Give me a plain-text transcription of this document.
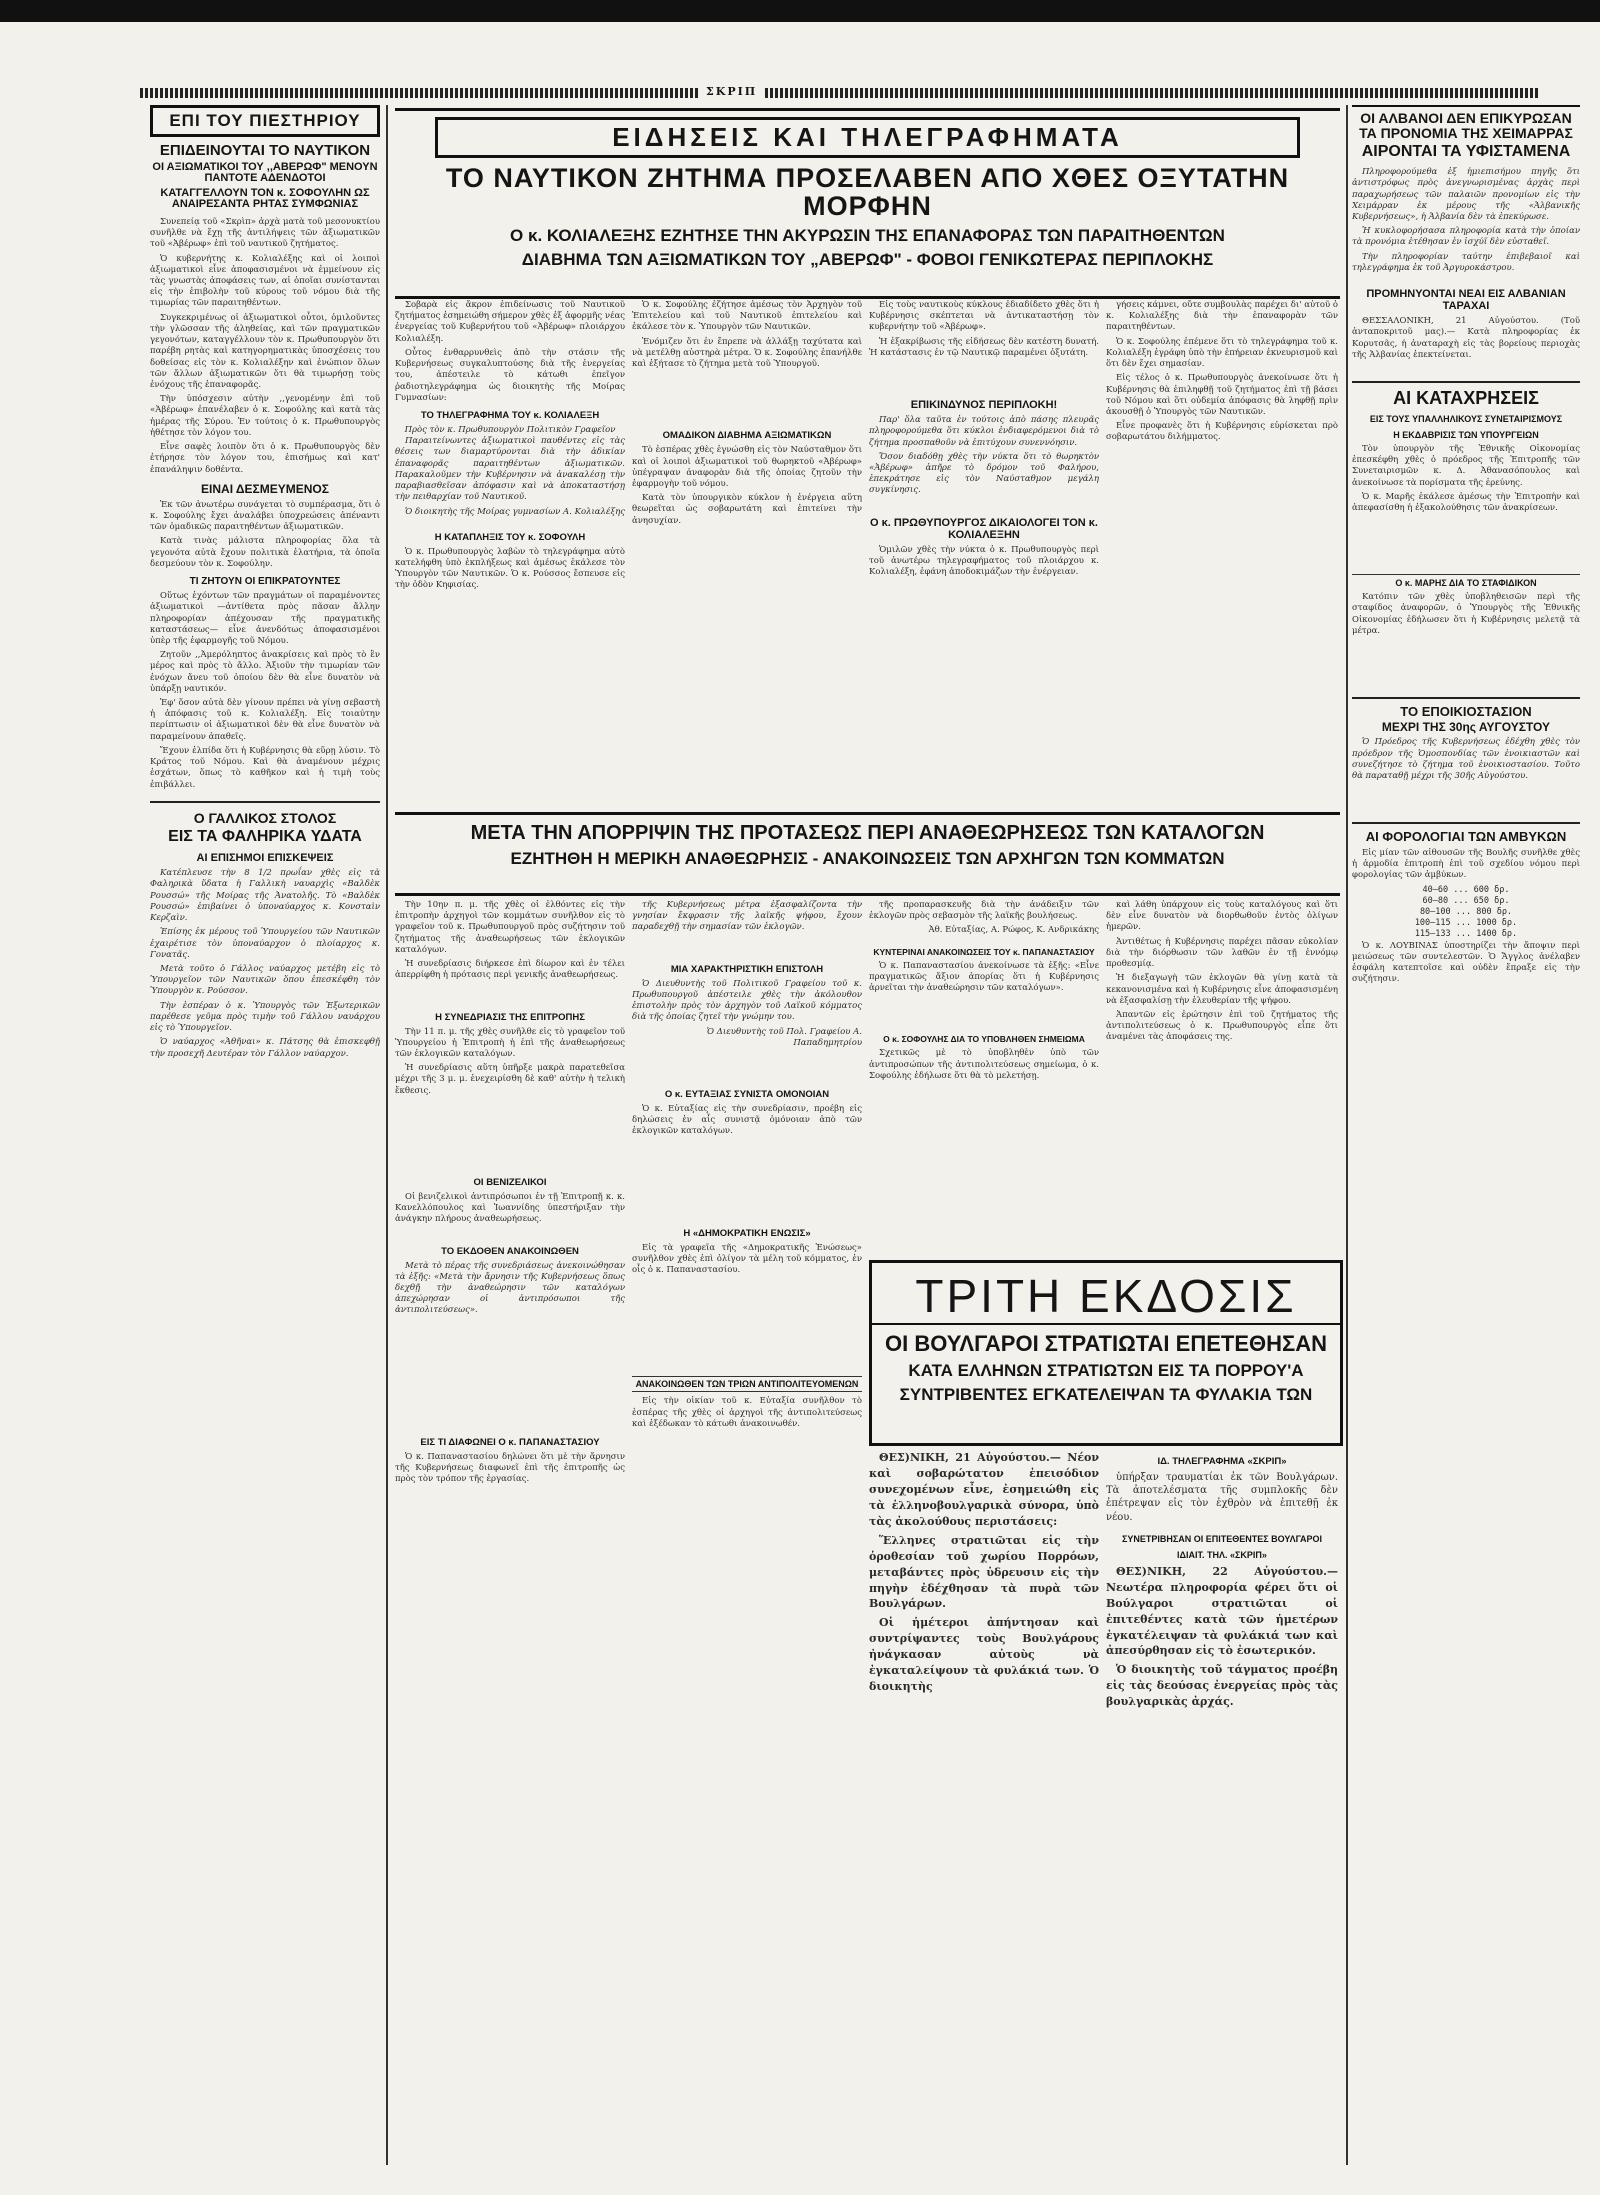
ΣΚΡΙΠ
ΕΠΙ ΤΟΥ ΠΙΕΣΤΗΡΙΟΥ
ΕΠΙΔΕΙΝΟΥΤΑΙ ΤΟ ΝΑΥΤΙΚΟΝ
ΟΙ ΑΞΙΩΜΑΤΙΚΟΙ ΤΟΥ ,,ΑΒΕΡΩΦ" ΜΕΝΟΥΝ ΠΑΝΤΟΤΕ ΑΔΕΝΔΟΤΟΙ
ΚΑΤΑΓΓΕΛΛΟΥΝ ΤΟΝ κ. ΣΟΦΟΥΛΗΝ ΩΣ ΑΝΑΙΡΕΣΑΝΤΑ ΡΗΤΑΣ ΣΥΜΦΩΝΙΑΣ

Συνεπείᾳ τοῦ «Σκρὶπ» ἀρχὰ ματὰ τοῦ μεσονυκτίου συνῆλθε νὰ ἔχῃ τῆς ἀντιλήψεις τῶν ἀξιωματικῶν τοῦ «Ἀβέρωφ» ἐπὶ τοῦ ναυτικοῦ ζητήματος.

Ὁ κυβερνήτης κ. Κολιαλέξης καὶ οἱ λοιποὶ ἀξιωματικοὶ εἶνε ἀποφασισμένοι νὰ ἐμμείνουν εἰς τὰς γνωστὰς ἀποφάσεις των, αἱ ὁποῖαι συνίστανται εἰς τὴν ἐπιβολὴν τοῦ κύρους τοῦ νόμου διὰ τῆς τιμωρίας τῶν παραιτηθέντων.

Συγκεκριμένως οἱ ἀξιωματικοὶ οὗτοι, ὁμιλοῦντες τὴν γλῶσσαν τῆς ἀληθείας, καὶ τῶν πραγματικῶν γεγονότων, καταγγέλλουν τὸν κ. Πρωθυπουργὸν ὅτι παρέβη ρητὰς καὶ κατηγορηματικὰς ὑποσχέσεις του δοθείσας εἰς τὸν κ. Κολιαλέξην καὶ ἐνώπιον ὅλων τῶν ἄλλων ἀξιωματικῶν ὅτι θὰ τιμωρήσῃ τοὺς ἐνόχους τῆς ἐπαναφορᾶς.

Τὴν ὑπόσχεσιν αὐτὴν ,,γενομένην ἐπὶ τοῦ «Ἀβέρωφ» ἐπανέλαβεν ὁ κ. Σοφούλης καὶ κατὰ τὰς ἡμέρας τῆς Σύρου. Ἐν τούτοις ὁ κ. Πρωθυπουργὸς ἠθέτησε τὸν λόγον του.

Εἶνε σαφὲς λοιπὸν ὅτι ὁ κ. Πρωθυπουργὸς δὲν ἐτήρησε τὸν λόγον του, ἐπισήμως καὶ κατ' ἐπανάληψιν δοθέντα.

ΕΙΝΑΙ ΔΕΣΜΕΥΜΕΝΟΣ

Ἐκ τῶν ἀνωτέρω συνάγεται τὸ συμπέρασμα, ὅτι ὁ κ. Σοφούλης ἔχει ἀναλάβει ὑποχρεώσεις ἀπέναντι τῶν ὀμαδικῶς παραιτηθέντων ἀξιωματικῶν.

Κατὰ τινὰς μάλιστα πληροφορίας ὅλα τὰ γεγονότα αὐτὰ ἔχουν πολιτικὰ ἐλατήρια, τὰ ὁποῖα δεσμεύουν τὸν κ. Σοφούλην.

ΤΙ ΖΗΤΟΥΝ ΟΙ ΕΠΙΚΡΑΤΟΥΝΤΕΣ

Οὕτως ἐχόντων τῶν πραγμάτων οἱ παραμένοντες ἀξιωματικοὶ —ἀντίθετα πρὸς πᾶσαν ἄλλην πληροφορίαν ἀπέχουσαν τῆς πραγματικῆς καταστάσεως— εἶνε ἀνενδότως ἀποφασισμένοι ὑπὲρ τῆς ἐφαρμογῆς τοῦ Νόμου.

Ζητοῦν ,,Ἀμερόληπτος ἀνακρίσεις καὶ πρὸς τὸ ἓν μέρος καὶ πρὸς τὸ ἄλλο. Ἀξιοῦν τὴν τιμωρίαν τῶν ἐνόχων ἄνευ τοῦ ὁποίου δὲν θὰ εἶνε δυνατὸν νὰ ὑπάρξῃ ναυτικόν.

Ἐφ' ὅσον αὐτὰ δὲν γίνουν πρέπει νὰ γίνῃ σεβαστὴ ἡ ἀπόφασις τοῦ κ. Κολιαλέξη. Εἰς τοιαύτην περίπτωσιν οἱ ἀξιωματικοὶ δὲν θὰ εἶνε δυνατὸν νὰ παραμείνουν ἀπαθεῖς.

Ἔχουν ἐλπίδα ὅτι ἡ Κυβέρνησις θὰ εὕρῃ λύσιν. Τὸ Κράτος τοῦ Νόμου. Καὶ θὰ ἀναμένουν μέχρις ἐσχάτων, ὅπως τὸ καθῆκον καὶ ἡ τιμὴ τοὺς ἐπιβάλλει.

Ο ΓΑΛΛΙΚΟΣ ΣΤΟΛΟΣ
ΕΙΣ ΤΑ ΦΑΛΗΡΙΚΑ ΥΔΑΤΑ
ΑΙ ΕΠΙΣΗΜΟΙ ΕΠΙΣΚΕΨΕΙΣ

Κατέπλευσε τὴν 8 1/2 πρωΐαν χθὲς εἰς τὰ Φαληρικὰ ὕδατα ἡ Γαλλικὴ ναυαρχὶς «Βαλδὲκ Ρουσσώ» τῆς Μοίρας τῆς Ἀνατολῆς. Τὸ «Βαλδὲκ Ρουσσώ» ἐπιβαίνει ὁ ὑποναύαρχος κ. Κονσταὶν Κερζαὶν.

Ἐπίσης ἐκ μέρους τοῦ Ὑπουργείου τῶν Ναυτικῶν ἐχαιρέτισε τὸν ὑποναύαρχον ὁ πλοίαρχος κ. Γονατᾶς.

Μετὰ τοῦτο ὁ Γάλλος ναύαρχος μετέβη εἰς τὸ Ὑπουργεῖον τῶν Ναυτικῶν ὅπου ἐπεσκέφθη τὸν Ὑπουργὸν κ. Ρούσσον.

Τὴν ἑσπέραν ὁ κ. Ὑπουργὸς τῶν Ἐξωτερικῶν παρέθεσε γεῦμα πρὸς τιμὴν τοῦ Γάλλου ναυάρχου εἰς τὸ Ὑπουργεῖον.

Ὁ ναύαρχος «Ἀθῆναι» κ. Πάτσης θὰ ἐπισκεφθῇ τὴν προσεχῆ Δευτέραν τὸν Γάλλον ναύαρχον.

ΕΙΔΗΣΕΙΣ ΚΑΙ ΤΗΛΕΓΡΑΦΗΜΑΤΑ
ΤΟ ΝΑΥΤΙΚΟΝ ΖΗΤΗΜΑ ΠΡΟΣΕΛΑΒΕΝ ΑΠΟ ΧΘΕΣ ΟΞΥΤΑΤΗΝ ΜΟΡΦΗΝ
Ο κ. ΚΟΛΙΑΛΕΞΗΣ ΕΖΗΤΗΣΕ ΤΗΝ ΑΚΥΡΩΣΙΝ ΤΗΣ ΕΠΑΝΑΦΟΡΑΣ ΤΩΝ ΠΑΡΑΙΤΗΘΕΝΤΩΝ
ΔΙΑΒΗΜΑ ΤΩΝ ΑΞΙΩΜΑΤΙΚΩΝ ΤΟΥ „ΑΒΕΡΩΦ" - ΦΟΒΟΙ ΓΕΝΙΚΩΤΕΡΑΣ ΠΕΡΙΠΛΟΚΗΣ

Σοβαρὰ εἰς ἄκρον ἐπιδείνωσις τοῦ Ναυτικοῦ ζητήματος ἐσημειώθη σήμερον χθὲς ἐξ ἀφορμῆς νέας ἐνεργείας τοῦ Κυβερνήτου τοῦ «Ἀβέρωφ» πλοιάρχου Κολιαλέξη.

Οὗτος ἐνθαρρυνθεὶς ἀπὸ τὴν στάσιν τῆς Κυβερνήσεως συγκαλυπτούσης διὰ τῆς ἐνεργείας του, ἀπέστειλε τὸ κάτωθι ἐπεῖγον ῥαδιοτηλεγράφημα ὡς διοικητὴς τῆς Μοίρας Γυμνασίων:

ΤΟ ΤΗΛΕΓΡΑΦΗΜΑ ΤΟΥ κ. ΚΟΛΙΑΛΕΞΗ
Πρὸς τὸν κ. Πρωθυπουργὸν Πολιτικὸν Γραφεῖον

Παραιτείνωντες ἀξιωματικοὶ παυθέντες εἰς τὰς θέσεις των διαμαρτύρονται διὰ τὴν ἀδικίαν ἐπαναφορᾶς παραιτηθέντων ἀξιωματικῶν. Παρακαλοῦμεν τὴν Κυβέρνησιν νὰ ἀνακαλέσῃ τὴν παραβιασθεῖσαν ἀπόφασιν καὶ νὰ ἀποκαταστήσῃ τὴν πειθαρχίαν τοῦ Ναυτικοῦ.

Ὁ διοικητὴς τῆς Μοίρας γυμνασίων Α. Κολιαλέξης

Η ΚΑΤΑΠΛΗΞΙΣ ΤΟΥ κ. ΣΟΦΟΥΛΗ

Ὁ κ. Πρωθυπουργὸς λαβὼν τὸ τηλεγράφημα αὐτὸ κατελήφθη ὑπὸ ἐκπλήξεως καὶ ἀμέσως ἐκάλεσε τὸν Ὑπουργὸν τῶν Ναυτικῶν. Ὁ κ. Ρούσσος ἔσπευσε εἰς τὴν ὁδὸν Κηφισίας.

Ὁ κ. Σοφούλης ἐζήτησε ἀμέσως τὸν Ἀρχηγὸν τοῦ Ἐπιτελείου καὶ τοῦ Ναυτικοῦ ἐπιτελείου καὶ ἐκάλεσε τὸν κ. Ὑπουργὸν τῶν Ναυτικῶν.

Ἐνόμιζεν ὅτι ἐν ἔπρεπε νὰ ἀλλάξῃ ταχύτατα καὶ νὰ μετέλθῃ αὐστηρὰ μέτρα. Ὁ κ. Σοφούλης ἐπανήλθε καὶ ἐξήτασε τὸ ζήτημα μετὰ τοῦ Ὑπουργοῦ.

ΟΜΑΔΙΚΟΝ ΔΙΑΒΗΜΑ ΑΞΙΩΜΑΤΙΚΩΝ

Τὸ ἑσπέρας χθὲς ἐγνώσθη εἰς τὸν Ναύσταθμον ὅτι καὶ οἱ λοιποὶ ἀξιωματικοὶ τοῦ θωρηκτοῦ «Ἀβέρωφ» ὑπέγραψαν ἀναφορὰν διὰ τῆς ὁποίας ζητοῦν τὴν ἐφαρμογὴν τοῦ νόμου.

Κατὰ τὸν ὑπουργικὸν κύκλον ἡ ἐνέργεια αὕτη θεωρεῖται ὡς σοβαρωτάτη καὶ ἐπιτείνει τὴν ἀνησυχίαν.

Εἰς τοὺς ναυτικοὺς κύκλους ἐδιαδίδετο χθὲς ὅτι ἡ Κυβέρνησις σκέπτεται νὰ ἀντικαταστήσῃ τὸν κυβερνήτην τοῦ «Ἀβέρωφ».

Ἡ ἐξακρίβωσις τῆς εἰδήσεως δὲν κατέστη δυνατή. Ἡ κατάστασις ἐν τῷ Ναυτικῷ παραμένει ὀξυτάτη.

ΕΠΙΚΙΝΔΥΝΟΣ ΠΕΡΙΠΛΟΚΗ!

Παρ' ὅλα ταῦτα ἐν τούτοις ἀπὸ πάσης πλευρᾶς πληροφορούμεθα ὅτι κύκλοι ἐνδιαφερόμενοι διὰ τὸ ζήτημα προσπαθοῦν νὰ ἐπιτύχουν συνεννόησιν.

Ὅσον διαδόθῃ χθὲς τὴν νύκτα ὅτι τὸ θωρηκτὸν «Ἀβέρωφ» ἀπῆρε τὸ δρόμον τοῦ Φαλήρου, ἐπεκράτησε εἰς τὸν Ναύσταθμον μεγάλη συγκίνησις.

Ο κ. ΠΡΩΘΥΠΟΥΡΓΟΣ ΔΙΚΑΙΟΛΟΓΕΙ ΤΟΝ κ. ΚΟΛΙΑΛΕΞΗΝ

Ὁμιλῶν χθὲς τὴν νύκτα ὁ κ. Πρωθυπουργὸς περὶ τοῦ ἀνωτέρω τηλεγραφήματος τοῦ πλοιάρχου κ. Κολιαλέξη, ἐφάνη ἀποδοκιμάζων τὴν ἐνέργειαν.

γήσεις κάμνει, οὔτε συμβουλὰς παρέχει δι' αὐτοῦ ὁ κ. Κολιαλέξης διὰ τὴν ἐπαναφορὰν τῶν παραιτηθέντων.

Ὁ κ. Σοφούλης ἐπέμενε ὅτι τὸ τηλεγράφημα τοῦ κ. Κολιαλέξη ἐγράφη ὑπὸ τὴν ἐπήρειαν ἐκνευρισμοῦ καὶ ὅτι δὲν ἔχει σημασίαν.

Εἰς τέλος ὁ κ. Πρωθυπουργὸς ἀνεκοίνωσε ὅτι ἡ Κυβέρνησις θὰ ἐπιληφθῇ τοῦ ζητήματος ἐπὶ τῇ βάσει τοῦ Νόμου καὶ ὅτι οὐδεμία ἀπόφασις θὰ ληφθῇ πρὶν ἀκουσθῇ ὁ Ὑπουργὸς τῶν Ναυτικῶν.

Εἶνε προφανὲς ὅτι ἡ Κυβέρνησις εὑρίσκεται πρὸ σοβαρωτάτου διλήμματος.

ΜΕΤΑ ΤΗΝ ΑΠΟΡΡΙΨΙΝ ΤΗΣ ΠΡΟΤΑΣΕΩΣ ΠΕΡΙ ΑΝΑΘΕΩΡΗΣΕΩΣ ΤΩΝ ΚΑΤΑΛΟΓΩΝ
ΕΖΗΤΗΘΗ Η ΜΕΡΙΚΗ ΑΝΑΘΕΩΡΗΣΙΣ - ΑΝΑΚΟΙΝΩΣΕΙΣ ΤΩΝ ΑΡΧΗΓΩΝ ΤΩΝ ΚΟΜΜΑΤΩΝ

Τὴν 10ην π. μ. τῆς χθὲς οἱ ἐλθόντες εἰς τὴν ἐπιτροπὴν ἀρχηγοὶ τῶν κομμάτων συνῆλθον εἰς τὸ γραφεῖον τοῦ κ. Πρωθυπουργοῦ πρὸς συζήτησιν τοῦ ζητήματος τῆς ἀναθεωρήσεως τῶν ἐκλογικῶν καταλόγων.

Ἡ συνεδρίασις διήρκεσε ἐπὶ δίωρον καὶ ἐν τέλει ἀπερρίφθη ἡ πρότασις περὶ γενικῆς ἀναθεωρήσεως.

Η ΣΥΝΕΔΡΙΑΣΙΣ ΤΗΣ ΕΠΙΤΡΟΠΗΣ

Τὴν 11 π. μ. τῆς χθὲς συνῆλθε εἰς τὸ γραφεῖον τοῦ Ὑπουργείου ἡ Ἐπιτροπὴ ἡ ἐπὶ τῆς ἀναθεωρήσεως τῶν ἐκλογικῶν καταλόγων.

Ἡ συνεδρίασις αὕτη ὑπῆρξε μακρὰ παρατεθεῖσα μέχρι τῆς 3 μ. μ. ἐνεχειρίσθη δὲ καθ' αὐτὴν ἡ τελικὴ ἔκθεσις.

ΟΙ ΒΕΝΙΖΕΛΙΚΟΙ

Οἱ βενιζελικοὶ ἀντιπρόσωποι ἐν τῇ Ἐπιτροπῇ κ. κ. Κανελλόπουλος καὶ Ἰωαννίδης ὑπεστήριξαν τὴν ἀνάγκην πλήρους ἀναθεωρήσεως.

ΤΟ ΕΚΔΟΘΕΝ ΑΝΑΚΟΙΝΩΘΕΝ

Μετὰ τὸ πέρας τῆς συνεδριάσεως ἀνεκοινώθησαν τὰ ἑξῆς: «Μετὰ τὴν ἄρνησιν τῆς Κυβερνήσεως ὅπως δεχθῇ τὴν ἀναθεώρησιν τῶν καταλόγων ἀπεχώρησαν οἱ ἀντιπρόσωποι τῆς ἀντιπολιτεύσεως».

ΕΙΣ ΤΙ ΔΙΑΦΩΝΕΙ Ο κ. ΠΑΠΑΝΑΣΤΑΣΙΟΥ

Ὁ κ. Παπαναστασίου δηλώνει ὅτι μὲ τὴν ἄρνησιν τῆς Κυβερνήσεως διαφωνεῖ ἐπὶ τῆς ἐπιτροπῆς ὡς πρὸς τὸν τρόπον τῆς ἐργασίας.

τῆς Κυβερνήσεως μέτρα ἐξασφαλίζοντα τὴν γνησίαν ἔκφρασιν τῆς λαϊκῆς ψήφου, ἔχουν παραδεχθῇ τὴν σημασίαν τῶν ἐκλογῶν.

ΜΙΑ ΧΑΡΑΚΤΗΡΙΣΤΙΚΗ ΕΠΙΣΤΟΛΗ

Ὁ Διευθυντὴς τοῦ Πολιτικοῦ Γραφείου τοῦ κ. Πρωθυπουργοῦ ἀπέστειλε χθὲς τὴν ἀκόλουθον ἐπιστολὴν πρὸς τὸν ἀρχηγὸν τοῦ Λαϊκοῦ κόμματος διὰ τῆς ὁποίας ζητεῖ τὴν γνώμην του.

Ὁ Διευθυντὴς τοῦ Πολ. Γραφείου Α. Παπαδημητρίου

Ο κ. ΕΥΤΑΞΙΑΣ ΣΥΝΙΣΤΑ ΟΜΟΝΟΙΑΝ

Ὁ κ. Εὐταξίας εἰς τὴν συνεδρίασιν, προέβη εἰς δηλώσεις ἐν αἷς συνιστᾷ ὁμόνοιαν ἀπὸ τῶν ἐκλογικῶν καταλόγων.

Η «ΔΗΜΟΚΡΑΤΙΚΗ ΕΝΩΣΙΣ»

Εἰς τὰ γραφεῖα τῆς «Δημοκρατικῆς Ἑνώσεως» συνῆλθον χθὲς ἐπὶ ὀλίγον τὰ μέλη τοῦ κόμματος, ἐν οἷς ὁ κ. Παπαναστασίου.

ΑΝΑΚΟΙΝΩΘΕΝ ΤΩΝ ΤΡΙΩΝ ΑΝΤΙΠΟΛΙΤΕΥΟΜΕΝΩΝ

Εἰς τὴν οἰκίαν τοῦ κ. Εὐταξία συνῆλθον τὸ ἑσπέρας τῆς χθὲς οἱ ἀρχηγοὶ τῆς ἀντιπολιτεύσεως καὶ ἐξέδωκαν τὸ κάτωθι ἀνακοινωθέν.

τῆς προπαρασκευῆς διὰ τὴν ἀνάδειξιν τῶν ἐκλογῶν πρὸς σεβασμὸν τῆς λαϊκῆς βουλήσεως.

Ἀθ. Εὐταξίας, Α. Ρώφος, Κ. Ανδρικάκης

ΚΥΝΤΕΡΙΝΑΙ ΑΝΑΚΟΙΝΩΣΕΙΣ ΤΟΥ κ. ΠΑΠΑΝΑΣΤΑΣΙΟΥ

Ὁ κ. Παπαναστασίου ἀνεκοίνωσε τὰ ἑξῆς: «Εἶνε πραγματικῶς ἄξιον ἀπορίας ὅτι ἡ Κυβέρνησις ἀρνεῖται τὴν ἀναθεώρησιν τῶν καταλόγων».

Ο κ. ΣΟΦΟΥΛΗΣ ΔΙΑ ΤΟ ΥΠΟΒΛΗΘΕΝ ΣΗΜΕΙΩΜΑ

Σχετικῶς μὲ τὸ ὑποβληθὲν ὑπὸ τῶν ἀντιπροσώπων τῆς ἀντιπολιτεύσεως σημείωμα, ὁ κ. Σοφούλης ἐδήλωσε ὅτι θὰ τὸ μελετήσῃ.

καὶ λάθη ὑπάρχουν εἰς τοὺς καταλόγους καὶ ὅτι δὲν εἶνε δυνατὸν νὰ διορθωθοῦν ἐντὸς ὀλίγων ἡμερῶν.

Ἀντιθέτως ἡ Κυβέρνησις παρέχει πᾶσαν εὐκολίαν διὰ τὴν διόρθωσιν τῶν λαθῶν ἐν τῇ ἐννόμῳ προθεσμίᾳ.

Ἡ διεξαγωγὴ τῶν ἐκλογῶν θὰ γίνῃ κατὰ τὰ κεκανονισμένα καὶ ἡ Κυβέρνησις εἶνε ἀποφασισμένη νὰ ἐξασφαλίσῃ τὴν ἐλευθερίαν τῆς ψήφου.

Ἀπαντῶν εἰς ἐρώτησιν ἐπὶ τοῦ ζητήματος τῆς ἀντιπολιτεύσεως ὁ κ. Πρωθυπουργὸς εἶπε ὅτι ἀναμένει τὰς ἀποφάσεις της.

ΤΡΙΤΗ ΕΚΔΟΣΙΣ
ΟΙ ΒΟΥΛΓΑΡΟΙ ΣΤΡΑΤΙΩΤΑΙ ΕΠΕΤΕΘΗΣΑΝ
ΚΑΤΑ ΕΛΛΗΝΩΝ ΣΤΡΑΤΙΩΤΩΝ ΕΙΣ ΤΑ ΠΟΡΡΟΥ'Α
ΣΥΝΤΡΙΒΕΝΤΕΣ ΕΓΚΑΤΕΛΕΙΨΑΝ ΤΑ ΦΥΛΑΚΙΑ ΤΩΝ

ΘΕΣ)ΝΙΚΗ, 21 Αὐγούστου.— Νέον καὶ σοβαρώτατον ἐπεισόδιον συνεχομένων εἶνε, ἐσημειώθη εἰς τὰ ἑλληνοβουλγαρικὰ σύνορα, ὑπὸ τὰς ἀκολούθους περιστάσεις:

Ἕλληνες στρατιῶται εἰς τὴν ὁροθεσίαν τοῦ χωρίου Πορρόων, μεταβάντες πρὸς ὑδρευσιν εἰς τὴν πηγὴν ἐδέχθησαν τὰ πυρὰ τῶν Βουλγάρων.

Οἱ ἡμέτεροι ἀπήντησαν καὶ συντρίψαντες τοὺς Βουλγάρους ἠνάγκασαν αὐτοὺς νὰ ἐγκαταλείψουν τὰ φυλάκιά των. Ὁ διοικητὴς

ΙΔ. ΤΗΛΕΓΡΑΦΗΜΑ «ΣΚΡΙΠ»

ὑπήρξαν τραυματίαι ἐκ τῶν Βουλγάρων. Τὰ ἀποτελέσματα τῆς συμπλοκῆς δὲν ἐπέτρεψαν εἰς τὸν ἐχθρὸν νὰ ἐπιτεθῇ ἐκ νέου.

ΣΥΝΕΤΡΙΒΗΣΑΝ ΟΙ ΕΠΙΤΕΘΕΝΤΕΣ ΒΟΥΛΓΑΡΟΙ
ΙΔΙΑΙΤ. ΤΗΛ. «ΣΚΡΙΠ»

ΘΕΣ)ΝΙΚΗ, 22 Αὐγούστου.— Νεωτέρα πληροφορία φέρει ὅτι οἱ Βούλγαροι στρατιῶται οἱ ἐπιτεθέντες κατὰ τῶν ἡμετέρων ἐγκατέλειψαν τὰ φυλάκιά των καὶ ἀπεσύρθησαν εἰς τὸ ἐσωτερικόν.

Ὁ διοικητὴς τοῦ τάγματος προέβη εἰς τὰς δεούσας ἐνεργείας πρὸς τὰς βουλγαρικὰς ἀρχάς.

ΟΙ ΑΛΒΑΝΟΙ ΔΕΝ ΕΠΙΚΥΡΩΣΑΝ ΤΑ ΠΡΟΝΟΜΙΑ ΤΗΣ ΧΕΙΜΑΡΡΑΣ
ΑΙΡΟΝΤΑΙ ΤΑ ΥΦΙΣΤΑΜΕΝΑ

Πληροφορούμεθα ἐξ ἡμιεπισήμου πηγῆς ὅτι ἀντιστρόφως πρὸς ἀνεγνωρισμένας ἀρχὰς περὶ παραχωρήσεως τῶν παλαιῶν προνομίων εἰς τὴν Χειμάρραν ἐκ μέρους τῆς «Ἀλβανικῆς Κυβερνήσεως», ἡ Ἀλβανία δὲν τὰ ἐπεκύρωσε.

Ἡ κυκλοφορήσασα πληροφορία κατὰ τὴν ὁποίαν τὰ προνόμια ἐτέθησαν ἐν ἰσχύϊ δὲν εὐσταθεῖ.

Τὴν πληροφορίαν ταύτην ἐπιβεβαιοῖ καὶ τηλεγράφημα ἐκ τοῦ Ἀργυροκάστρου.

ΠΡΟΜΗΝΥΟΝΤΑΙ ΝΕΑΙ ΕΙΣ ΑΛΒΑΝΙΑΝ ΤΑΡΑΧΑΙ

ΘΕΣΣΑΛΟΝΙΚΗ, 21 Αὐγούστου. (Τοῦ ἀνταποκριτοῦ μας).— Κατὰ πληροφορίας ἐκ Κορυτσᾶς, ἡ ἀναταραχὴ εἰς τὰς βορείους περιοχὰς τῆς Ἀλβανίας ἐπεκτείνεται.

ΑΙ ΚΑΤΑΧΡΗΣΕΙΣ
ΕΙΣ ΤΟΥΣ ΥΠΑΛΛΗΛΙΚΟΥΣ ΣΥΝΕΤΑΙΡΙΣΜΟΥΣ
Η ΕΚΔΑΒΡΙΣΙΣ ΤΩΝ ΥΠΟΥΡΓΕΙΩΝ

Τὸν ὑπουργὸν τῆς Ἐθνικῆς Οἰκονομίας ἐπεσκέφθη χθὲς ὁ πρόεδρος τῆς Ἐπιτροπῆς τῶν Συνεταιρισμῶν κ. Δ. Ἀθανασόπουλος καὶ ἀνεκοίνωσε τὰ πορίσματα τῆς ἐρεύνης.

Ὁ κ. Μαρῆς ἐκάλεσε ἀμέσως τὴν Ἐπιτροπὴν καὶ ἀπεφασίσθη ἡ ἐξακολούθησις τῶν ἀνακρίσεων.

Ο κ. ΜΑΡΗΣ ΔΙΑ ΤΟ ΣΤΑΦΙΔΙΚΟΝ

Κατόπιν τῶν χθὲς ὑποβληθεισῶν περὶ τῆς σταφίδος ἀναφορῶν, ὁ Ὑπουργὸς τῆς Ἐθνικῆς Οἰκονομίας ἐδήλωσεν ὅτι ἡ Κυβέρνησις μελετᾷ τὰ μέτρα.

ΤΟ ΕΠΟΙΚΙΟΣΤΑΣΙΟΝ
ΜΕΧΡΙ ΤΗΣ 30ης ΑΥΓΟΥΣΤΟΥ

Ὁ Πρόεδρος τῆς Κυβερνήσεως ἐδέχθη χθὲς τὸν πρόεδρον τῆς Ὁμοσπονδίας τῶν ἐνοικιαστῶν καὶ συνεζήτησε τὸ ζήτημα τοῦ ἐνοικιοστασίου. Τοῦτο θὰ παραταθῇ μέχρι τῆς 30ῆς Αὐγούστου.

ΑΙ ΦΟΡΟΛΟΓΙΑΙ ΤΩΝ ΑΜΒΥΚΩΝ

Εἰς μίαν τῶν αἰθουσῶν τῆς Βουλῆς συνῆλθε χθὲς ἡ ἀρμοδία ἐπιτροπὴ ἐπὶ τοῦ σχεδίου νόμου περὶ φορολογίας τῶν ἀμβύκων.

40—60 ... 600 δρ.
60—80 ... 650 δρ.
80—100 ... 800 δρ.
100—115 ... 1000 δρ.
115—133 ... 1400 δρ.

Ὁ κ. ΛΟΥΒΙΝΑΣ ὑποστηρίζει τὴν ἄποψιν περὶ μειώσεως τῶν συντελεστῶν. Ὁ Ἄγγλος ἀνέλαβεν ἐσφάλη κατεπτοῖσε καὶ οὐδὲν ἔπραξε εἰς τὴν συζήτησιν.
